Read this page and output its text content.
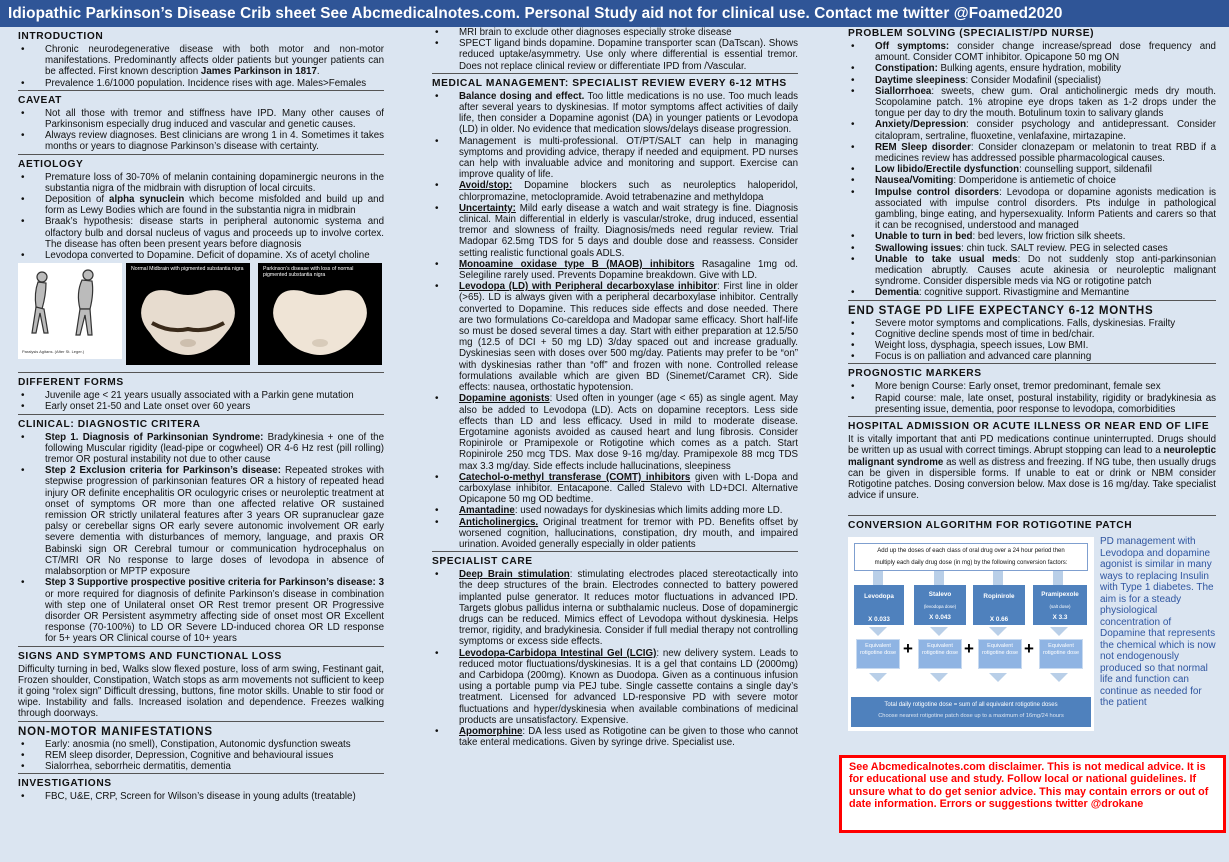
Idiopathic Parkinson’s Disease Crib sheet See Abcmedicalnotes.com. Personal Study aid not for clinical use. Contact me twitter @Foamed2020
INTRODUCTION
• Chronic neurodegenerative disease with both motor and non-motor manifestations. Predominantly affects older patients but younger patients can be affected. First known description James Parkinson in 1817.
• Prevalence 1.6/1000 population. Incidence rises with age. Males>Females
CAVEAT
• Not all those with tremor and stiffness have IPD. Many other causes of Parkinsonism especially drug induced and vascular and genetic causes.
• Always review diagnoses. Best clinicians are wrong 1 in 4. Sometimes it takes months or years to diagnose Parkinson’s disease with certainty.
AETIOLOGY
• Premature loss of 30-70% of melanin containing dopaminergic neurons in the substantia nigra of the midbrain with disruption of local circuits.
• Deposition of alpha synuclein which become misfolded and build up and form as Lewy Bodies which are found in the substantia nigra in midbrain
• Braak’s hypothesis: disease starts in peripheral autonomic systema and olfactory bulb and dorsal nucleus of vagus and proceeds up to involve cortex. The disease has often been present years before diagnosis
• Levodopa converted to Dopamine. Deficit of dopamine. Xs of acetyl choline
Paralysis Agitans. (After St. Leger.)
Normal Midbrain with pigmented substantia nigra	Parkinson’s disease with loss of normal pigmented substantia nigra
DIFFERENT FORMS
• Juvenile age < 21 years usually associated with a Parkin gene mutation
• Early onset 21-50 and Late onset over 60 years
CLINICAL: DIAGNOSTIC CRITERA
• Step 1. Diagnosis of Parkinsonian Syndrome: Bradykinesia + one of the following Muscular rigidity (lead-pipe or cogwheel) OR 4-6 Hz rest (pill rolling) tremor OR postural instability not due to other cause
• Step 2 Exclusion criteria for Parkinson’s disease: Repeated strokes with stepwise progression of parkinsonian features OR a history of repeated head injury OR definite encephalitis OR oculogyric crises or neuroleptic treatment at onset of symptoms OR more than one affected relative OR sustained remission OR strictly unilateral features after 3 years OR supranuclear gaze palsy or cerebellar signs OR early severe autonomic involvement OR early severe dementia with disturbances of memory, language, and praxis OR Babinski sign OR Cerebral tumour or communication hydrocephalus on CT/MRI OR No response to large doses of levodopa in absence of malabsorption or MPTP exposure
• Step 3 Supportive prospective positive criteria for Parkinson’s disease: 3 or more required for diagnosis of definite Parkinson’s disease in combination with step one of Unilateral onset OR Rest tremor present OR Progressive disorder OR Persistent asymmetry affecting side of onset most OR Excellent response (70-100%) to LD OR Severe LD-induced chorea OR LD response for 5+ years OR Clinical course of 10+ years
SIGNS AND SYMPTOMS AND FUNCTIONAL LOSS

Difficulty turning in bed, Walks slow flexed posture, loss of arm swing, Festinant gait, Frozen shoulder, Constipation, Watch stops as arm movements not sufficient to keep it going “rolex sign” Difficult dressing, buttons, fine motor skills. Unable to stir food or wipe. Instability and falls. Increased isolation and dependence. Freezes walking through doorways.

NON-MOTOR MANIFESTATIONS
• Early: anosmia (no smell), Constipation, Autonomic dysfunction sweats
• REM sleep disorder, Depression, Cognitive and behavioural issues
• Sialorrhea, seborrheic dermatitis, dementia
INVESTIGATIONS
• FBC, U&E, CRP, Screen for Wilson’s disease in young adults (treatable)
• MRI brain to exclude other diagnoses especially stroke disease
• SPECT ligand binds dopamine. Dopamine transporter scan (DaTscan). Shows reduced uptake/asymmetry. Use only where differential is essential tremor. Does not replace clinical review or differentiate IPD from /Vascular.
MEDICAL MANAGEMENT: SPECIALIST REVIEW EVERY 6-12 MTHS
• Balance dosing and effect. Too little medications is no use. Too much leads after several years to dyskinesias. If motor symptoms affect activities of daily life, then consider a Dopamine agonist (DA) in younger patients or Levodopa (LD) in older. No evidence that medication slows/delays disease progression.
• Management is multi-professional. OT/PT/SALT can help in managing symptoms and providing advice, therapy if needed and equipment. PD nurses can help with invaluable advice and monitoring and support. Exercise can improve quality of life.
• Avoid/stop: Dopamine blockers such as neuroleptics haloperidol, chlorpromazine, metoclopramide. Avoid tetrabenazine and methyldopa
• Uncertainty: Mild early disease a watch and wait strategy is fine. Diagnosis clinical. Main differential in elderly is vascular/stroke, drug induced, essential tremor and slowness of frailty. Diagnosis/meds need regular review. Trial Madopar 62.5mg TDS for 5 days and double dose and reassess. Consider setting realistic functional goals ADLS.
• Monoamine oxidase type B (MAOB) inhibitors Rasagaline 1mg od. Selegiline rarely used. Prevents Dopamine breakdown. Give with LD.
• Levodopa (LD) with Peripheral decarboxylase inhibitor: First line in older (>65). LD is always given with a peripheral decarboxylase inhibitor. Centrally converted to Dopamine. This reduces side effects and dose needed. There are two formulations Co-careldopa and Madopar same efficacy. Short half-life so must be dosed several times a day. Start with either preparation at 12.5/50 mg (12.5 of DCI + 50 mg LD) 3/day spaced out and increase gradually. Dyskinesias seen with doses over 500 mg/day. Patients may prefer to be “on” with dyskinesias rather than “off” and frozen with none. Controlled release formulations available which are given BD (Sinemet/Caramet CR). Side effects: nausea, orthostatic hypotension.
• Dopamine agonists: Used often in younger (age < 65) as single agent. May also be added to Levodopa (LD). Acts on dopamine receptors. Less side effects than LD and less efficacy. Used in mild to moderate disease. Ergotamine agonists avoided as caused heart and lung fibrosis. Consider Ropinirole or Pramipexole or Rotigotine which comes as a patch. Start Ropinirole 250 mcg TDS. Max dose 9-16 mg/day. Pramipexole 88 mcg TDS max 3.3 mg/day. Side effects include hallucinations, sleepiness
• Catechol-o-methyl transferase (COMT) inhibitors given with L-Dopa and carboxylase inhibitor. Entacapone. Called Stalevo with LD+DCI. Alternative Opicapone 50 mg OD bedtime.
• Amantadine: used nowadays for dyskinesias which limits adding more LD.
• Anticholinergics. Original treatment for tremor with PD. Benefits offset by worsened cognition, hallucinations, constipation, dry mouth, and impaired urination. Avoided generally especially in older patients
SPECIALIST CARE
• Deep Brain stimulation: stimulating electrodes placed stereotactically into the deep structures of the brain. Electrodes connected to battery powered implanted pulse generator. It reduces motor fluctuations in advanced IPD. Targets globus pallidus interna or subthalamic nucleus. Dose of dopaminergic drugs can be reduced. Mimics effect of Levodopa without dyskinesia. Helps tremor, rigidity, and bradykinesia. Consider if full medial therapy not controlling symptoms or excess side effects.
• Levodopa-Carbidopa Intestinal Gel (LCIG): new delivery system. Leads to reduced motor fluctuations/dyskinesias. It is a gel that contains LD (2000mg) and Carbidopa (200mg). Known as Duodopa. Given as a continuous infusion using a portable pump via PEJ tube. Single cassette contains a single day’s treatment. Licensed for advanced LD-responsive PD with severe motor fluctuations and hyper/dyskinesia when available combinations of medicinal products are unsatisfactory. Expensive.
• Apomorphine: DA less used as Rotigotine can be given to those who cannot take enteral medications. Given by syringe drive. Specialist use.
PROBLEM SOLVING (SPECIALIST/PD NURSE)
• Off symptoms: consider change increase/spread dose frequency and amount. Consider COMT inhibitor. Opicapone 50 mg ON
• Constipation: Bulking agents, ensure hydration, mobility
• Daytime sleepiness: Consider Modafinil (specialist)
• Siallorrhoea: sweets, chew gum. Oral anticholinergic meds dry mouth. Scopolamine patch. 1% atropine eye drops taken as 1-2 drops under the tongue per day to dry the mouth. Botulinum toxin to salivary glands
• Anxiety/Depression: consider psychology and antidepressant. Consider citalopram, sertraline, fluoxetine, venlafaxine, mirtazapine.
• REM Sleep disorder: Consider clonazepam or melatonin to treat RBD if a medicines review has addressed possible pharmacological causes.
• Low libido/Erectile dysfunction: counselling support, sildenafil
• Nausea/Vomiting: Domperidone is antiemetic of choice
• Impulse control disorders: Levodopa or dopamine agonists medication is associated with impulse control disorders. Pts indulge in pathological gambling, binge eating, and hypersexuality. Inform Patients and carers so that it can be recognised, understood and managed
• Unable to turn in bed: bed levers, low friction silk sheets.
• Swallowing issues: chin tuck. SALT review. PEG in selected cases
• Unable to take usual meds: Do not suddenly stop anti-parkinsonian medication abruptly. Causes acute akinesia or neuroleptic malignant syndrome. Consider dispersible meds via NG or rotigotine patch
• Dementia: cognitive support. Rivastigmine and Memantine
END STAGE PD LIFE EXPECTANCY 6-12 MONTHS
• Severe motor symptoms and complications. Falls, dyskinesias. Frailty
• Cognitive decline spends most of time in bed/chair.
• Weight loss, dysphagia, speech issues, Low BMI.
• Focus is on palliation and advanced care planning
PROGNOSTIC MARKERS
• More benign Course: Early onset, tremor predominant, female sex
• Rapid course: male, late onset, postural instability, rigidity or bradykinesia as presenting issue, dementia, poor response to levodopa, comorbidities
HOSPITAL ADMISSION OR ACUTE ILLNESS OR NEAR END OF LIFE

It is vitally important that anti PD medications continue uninterrupted. Drugs should be written up as usual with correct timings. Abrupt stopping can lead to a neuroleptic malignant syndrome as well as distress and freezing. If NG tube, then usually drugs can be given in dispersible forms. If unable to eat or drink or NBM consider Rotigotine patches. Dosing conversion below. Max dose is 16 mg/day. Take specialist advice if unsure.

CONVERSION ALGORITHM FOR ROTIGOTINE PATCH
Add up the doses of each class of oral drug over a 24 hour period then
multiply each daily drug dose (in mg) by the following conversion factors:
Levodopa

X 0.033
Stalevo
(levodopa dose)
X 0.043
Ropinirole

X 0.66
Pramipexole
(salt dose)
X 3.3
Equivalent rotigotine dose +	Equivalent rotigotine dose +	Equivalent rotigotine dose +	Equivalent rotigotine dose
Total daily rotigotine dose = sum of all equivalent rotigotine doses
Choose nearest rotigotine patch dose up to a maximum of 16mg/24 hours
PD management with Levodopa and dopamine agonist is similar in many ways to replacing Insulin with Type 1 diabetes. The aim is for a steady physiological concentration of Dopamine that represents the chemical which is now not endogenously produced so that normal life and function can continue as needed for the patient
See Abcmedicalnotes.com disclaimer. This is not medical advice. It is for educational use and study. Follow local or national guidelines. If unsure what to do get senior advice. This may contain errors or out of date information. Errors or suggestions twitter @drokane
